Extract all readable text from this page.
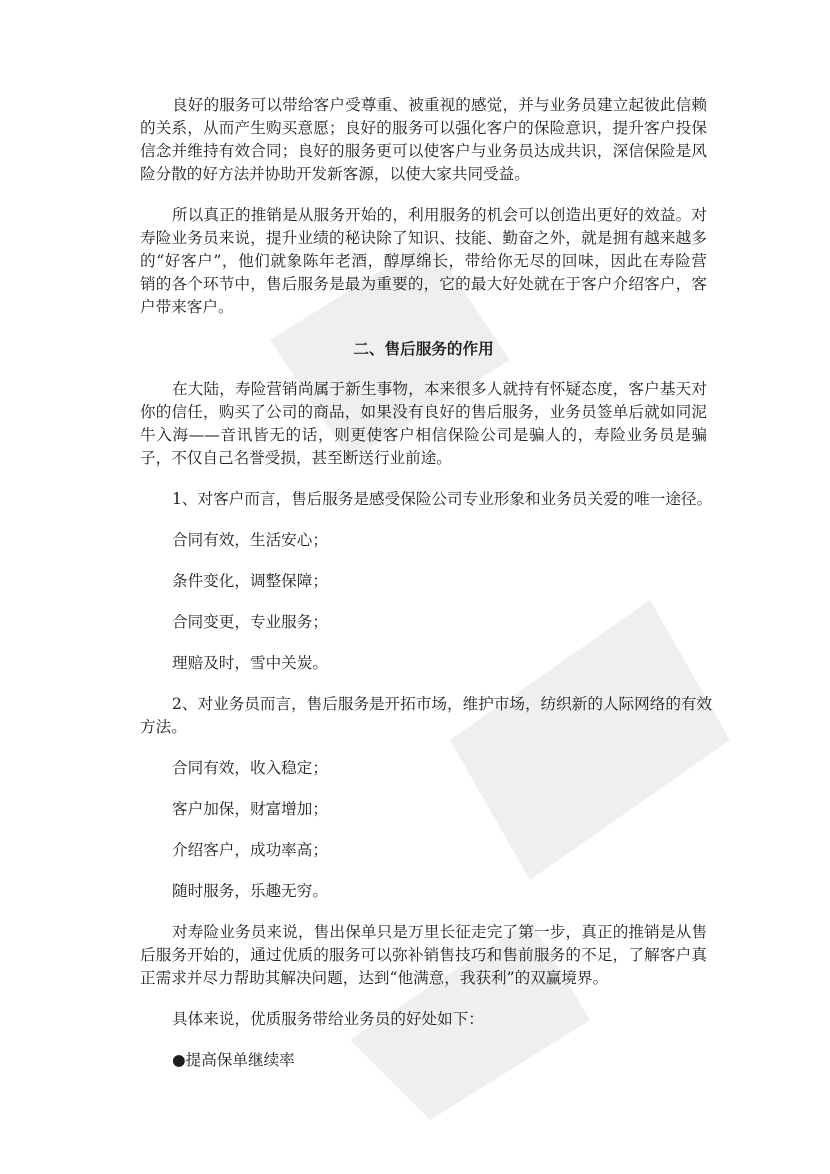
良好的服务可以带给客户受尊重、被重视的感觉，并与业务员建立起彼此信赖
的关系，从而产生购买意愿；良好的服务可以强化客户的保险意识，提升客户投保
信念并维持有效合同；良好的服务更可以使客户与业务员达成共识，深信保险是风
险分散的好方法并协助开发新客源，以使大家共同受益。
所以真正的推销是从服务开始的，利用服务的机会可以创造出更好的效益。对
寿险业务员来说，提升业绩的秘诀除了知识、技能、勤奋之外，就是拥有越来越多
的“好客户”，他们就象陈年老酒，醇厚绵长，带给你无尽的回味，因此在寿险营
销的各个环节中，售后服务是最为重要的，它的最大好处就在于客户介绍客户，客
户带来客户。
二、售后服务的作用
在大陆，寿险营销尚属于新生事物，本来很多人就持有怀疑态度，客户基天对
你的信任，购买了公司的商品，如果没有良好的售后服务，业务员签单后就如同泥
牛入海——音讯皆无的话，则更使客户相信保险公司是骗人的，寿险业务员是骗
子，不仅自己名誉受损，甚至断送行业前途。
1、对客户而言，售后服务是感受保险公司专业形象和业务员关爱的唯一途径。
合同有效，生活安心；
条件变化，调整保障；
合同变更，专业服务；
理赔及时，雪中关炭。
2、对业务员而言，售后服务是开拓市场，维护市场，纺织新的人际网络的有效
方法。
合同有效，收入稳定；
客户加保，财富增加；
介绍客户，成功率高；
随时服务，乐趣无穷。
对寿险业务员来说，售出保单只是万里长征走完了第一步，真正的推销是从售
后服务开始的，通过优质的服务可以弥补销售技巧和售前服务的不足，了解客户真
正需求并尽力帮助其解决问题，达到“他满意，我获利”的双赢境界。
具体来说，优质服务带给业务员的好处如下：
●提高保单继续率
